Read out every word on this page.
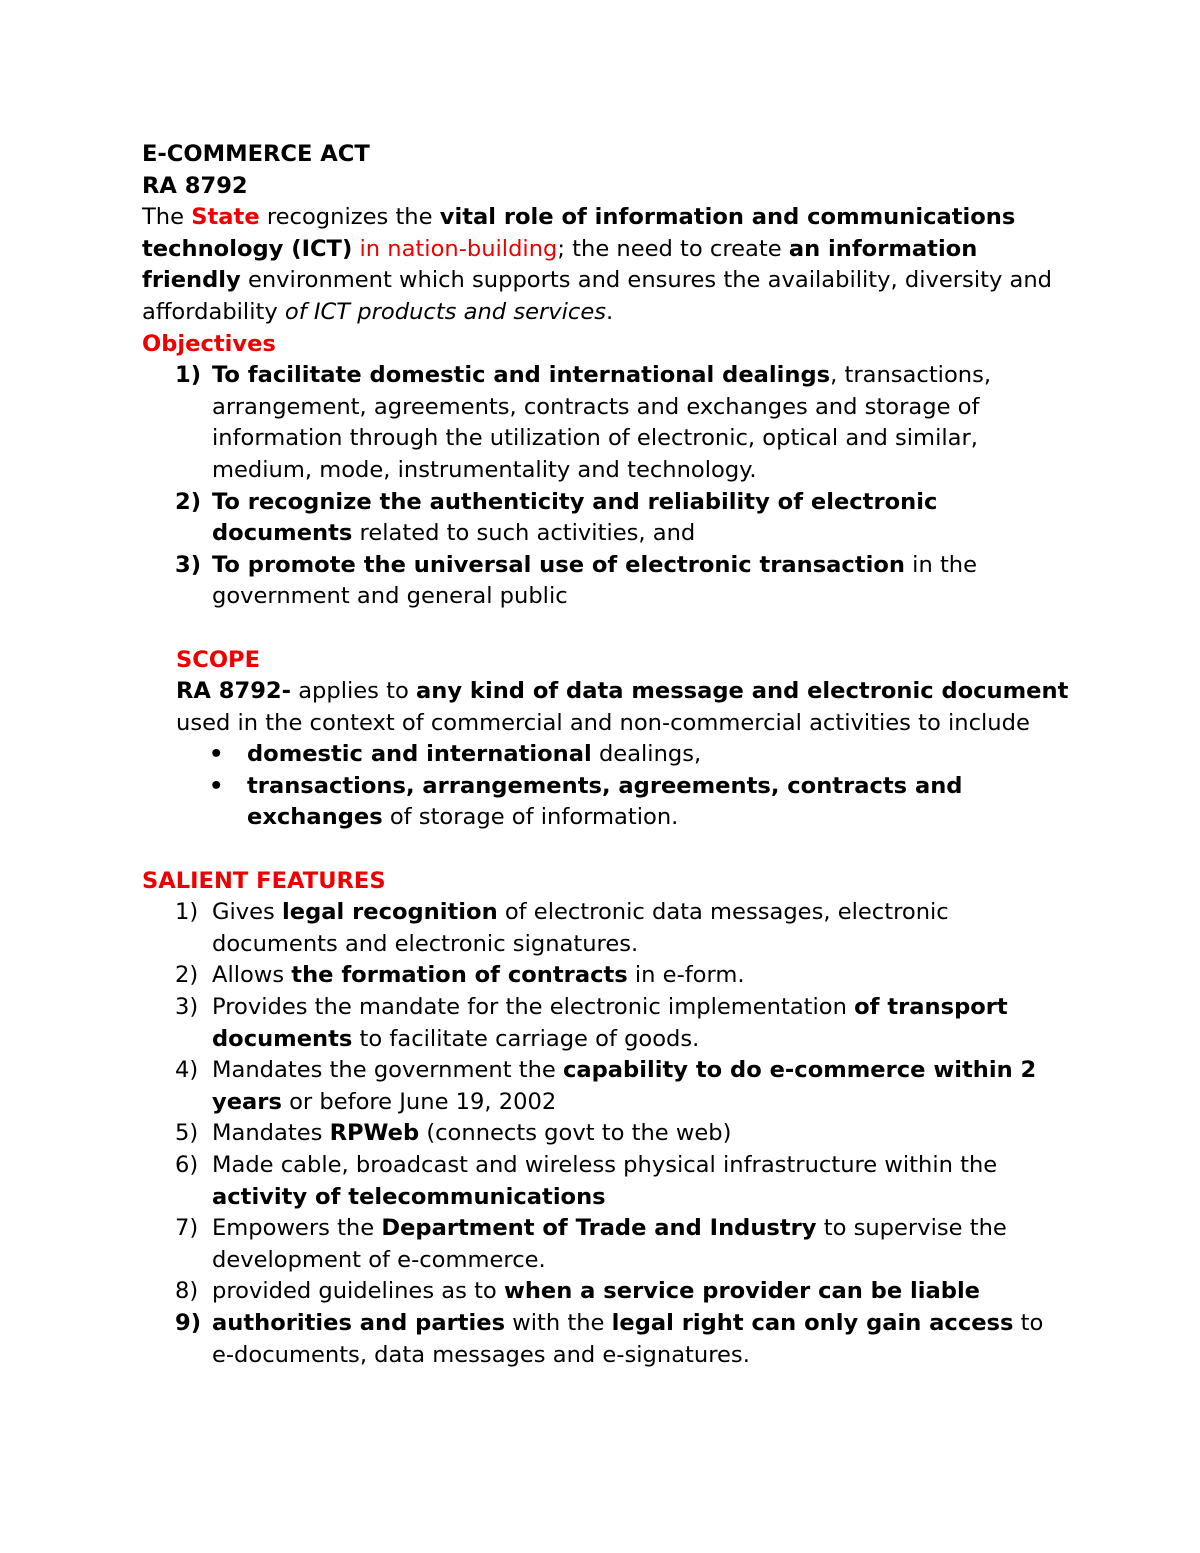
E-COMMERCE ACT

RA 8792

The State recognizes the vital role of information and communications technology (ICT) in nation-building; the need to create an information friendly environment which supports and ensures the availability, diversity and affordability of ICT products and services.

Objectives

1) To facilitate domestic and international dealings, transactions, arrangement, agreements, contracts and exchanges and storage of information through the utilization of electronic, optical and similar, medium, mode, instrumentality and technology.
2) To recognize the authenticity and reliability of electronic documents related to such activities, and
3) To promote the universal use of electronic transaction in the government and general public

SCOPE

RA 8792- applies to any kind of data message and electronic document used in the context of commercial and non-commercial activities to include

• domestic and international dealings,
• transactions, arrangements, agreements, contracts and exchanges of storage of information.

SALIENT FEATURES

1) Gives legal recognition of electronic data messages, electronic documents and electronic signatures.
2) Allows the formation of contracts in e-form.
3) Provides the mandate for the electronic implementation of transport documents to facilitate carriage of goods.
4) Mandates the government the capability to do e-commerce within 2 years or before June 19, 2002
5) Mandates RPWeb (connects govt to the web)
6) Made cable, broadcast and wireless physical infrastructure within the activity of telecommunications
7) Empowers the Department of Trade and Industry to supervise the development of e-commerce.
8) provided guidelines as to when a service provider can be liable
9) authorities and parties with the legal right can only gain access to e-documents, data messages and e-signatures.
